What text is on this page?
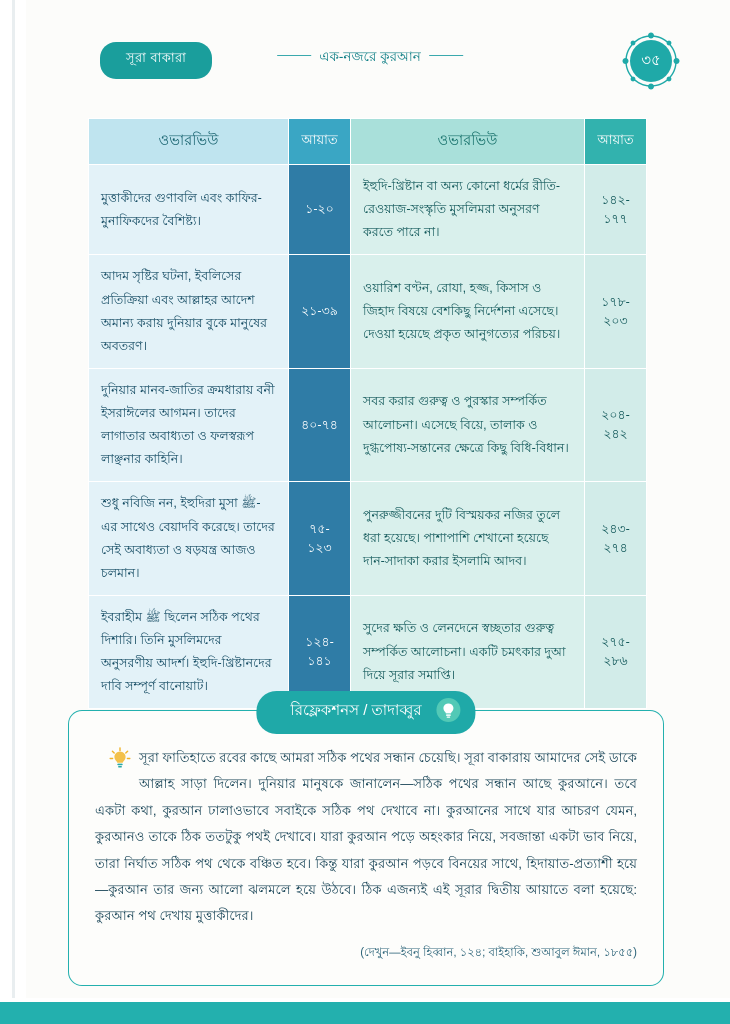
সূরা বাকারা	এক-নজরে কুরআন	৩৫
ওভারভিউ	আয়াত	ওভারভিউ	আয়াত
মুত্তাকীদের গুণাবলি এবং কাফির-মুনাফিকদের বৈশিষ্ট্য।	১-২০	ইহুদি-খ্রিষ্টান বা অন্য কোনো ধর্মের রীতি-রেওয়াজ-সংস্কৃতি মুসলিমরা অনুসরণ করতে পারে না।	১৪২-
১৭৭

আদম সৃষ্টির ঘটনা, ইবলিসের প্রতিক্রিয়া এবং আল্লাহর আদেশ অমান্য করায় দুনিয়ার বুকে মানুষের অবতরণ।	২১-৩৯	ওয়ারিশ বণ্টন, রোযা, হজ্জ, কিসাস ও জিহাদ বিষয়ে বেশকিছু নির্দেশনা এসেছে। দেওয়া হয়েছে প্রকৃত আনুগত্যের পরিচয়।	১৭৮-
২০৩

দুনিয়ার মানব-জাতির ক্রমধারায় বনী ইসরাঈলের আগমন। তাদের লাগাতার অবাধ্যতা ও ফলস্বরূপ লাঞ্ছনার কাহিনি।	৪০-৭৪	সবর করার গুরুত্ব ও পুরস্কার সম্পর্কিত আলোচনা। এসেছে বিয়ে, তালাক ও দুগ্ধপোষ্য-সন্তানের ক্ষেত্রে কিছু বিধি-বিধান।	২০৪-
২৪২

শুধু নবিজি নন, ইহুদিরা মুসা ﷺ-এর সাথেও বেয়াদবি করেছে। তাদের সেই অবাধ্যতা ও ষড়যন্ত্র আজও চলমান।	৭৫-
১২৩	পুনরুজ্জীবনের দুটি বিস্ময়কর নজির তুলে ধরা হয়েছে। পাশাপাশি শেখানো হয়েছে দান-সাদাকা করার ইসলামি আদব।	২৪৩-
২৭৪

ইবরাহীম ﷺ ছিলেন সঠিক পথের দিশারি। তিনি মুসলিমদের অনুসরণীয় আদর্শ। ইহুদি-খ্রিষ্টানদের দাবি সম্পূর্ণ বানোয়াট।	১২৪-
১৪১	সুদের ক্ষতি ও লেনদেনে স্বচ্ছতার গুরুত্ব সম্পর্কিত আলোচনা। একটি চমৎকার দুআ দিয়ে সূরার সমাপ্তি।	২৭৫-
২৮৬
রিফ্লেকশনস / তাদাব্বুর
সূরা ফাতিহাতে রবের কাছে আমরা সঠিক পথের সন্ধান চেয়েছি। সূরা বাকারায় আমাদের সেই ডাকে আল্লাহ সাড়া দিলেন। দুনিয়ার মানুষকে জানালেন—সঠিক পথের সন্ধান আছে কুরআনে। তবে একটা কথা, কুরআন ঢালাওভাবে সবাইকে সঠিক পথ দেখাবে না। কুরআনের সাথে যার আচরণ যেমন, কুরআনও তাকে ঠিক ততটুকু পথই দেখাবে। যারা কুরআন পড়ে অহংকার নিয়ে, সবজান্তা একটা ভাব নিয়ে, তারা নির্ঘাত সঠিক পথ থেকে বঞ্চিত হবে। কিন্তু যারা কুরআন পড়বে বিনয়ের সাথে, হিদায়াত-প্রত্যাশী হয়ে—কুরআন তার জন্য আলো ঝলমলে হয়ে উঠবে। ঠিক এজন্যই এই সূরার দ্বিতীয় আয়াতে বলা হয়েছে: কুরআন পথ দেখায় মুত্তাকীদের।
(দেখুন—ইবনু হিব্বান, ১২৪; বাইহাকি, শুআবুল ঈমান, ১৮৫৫)
